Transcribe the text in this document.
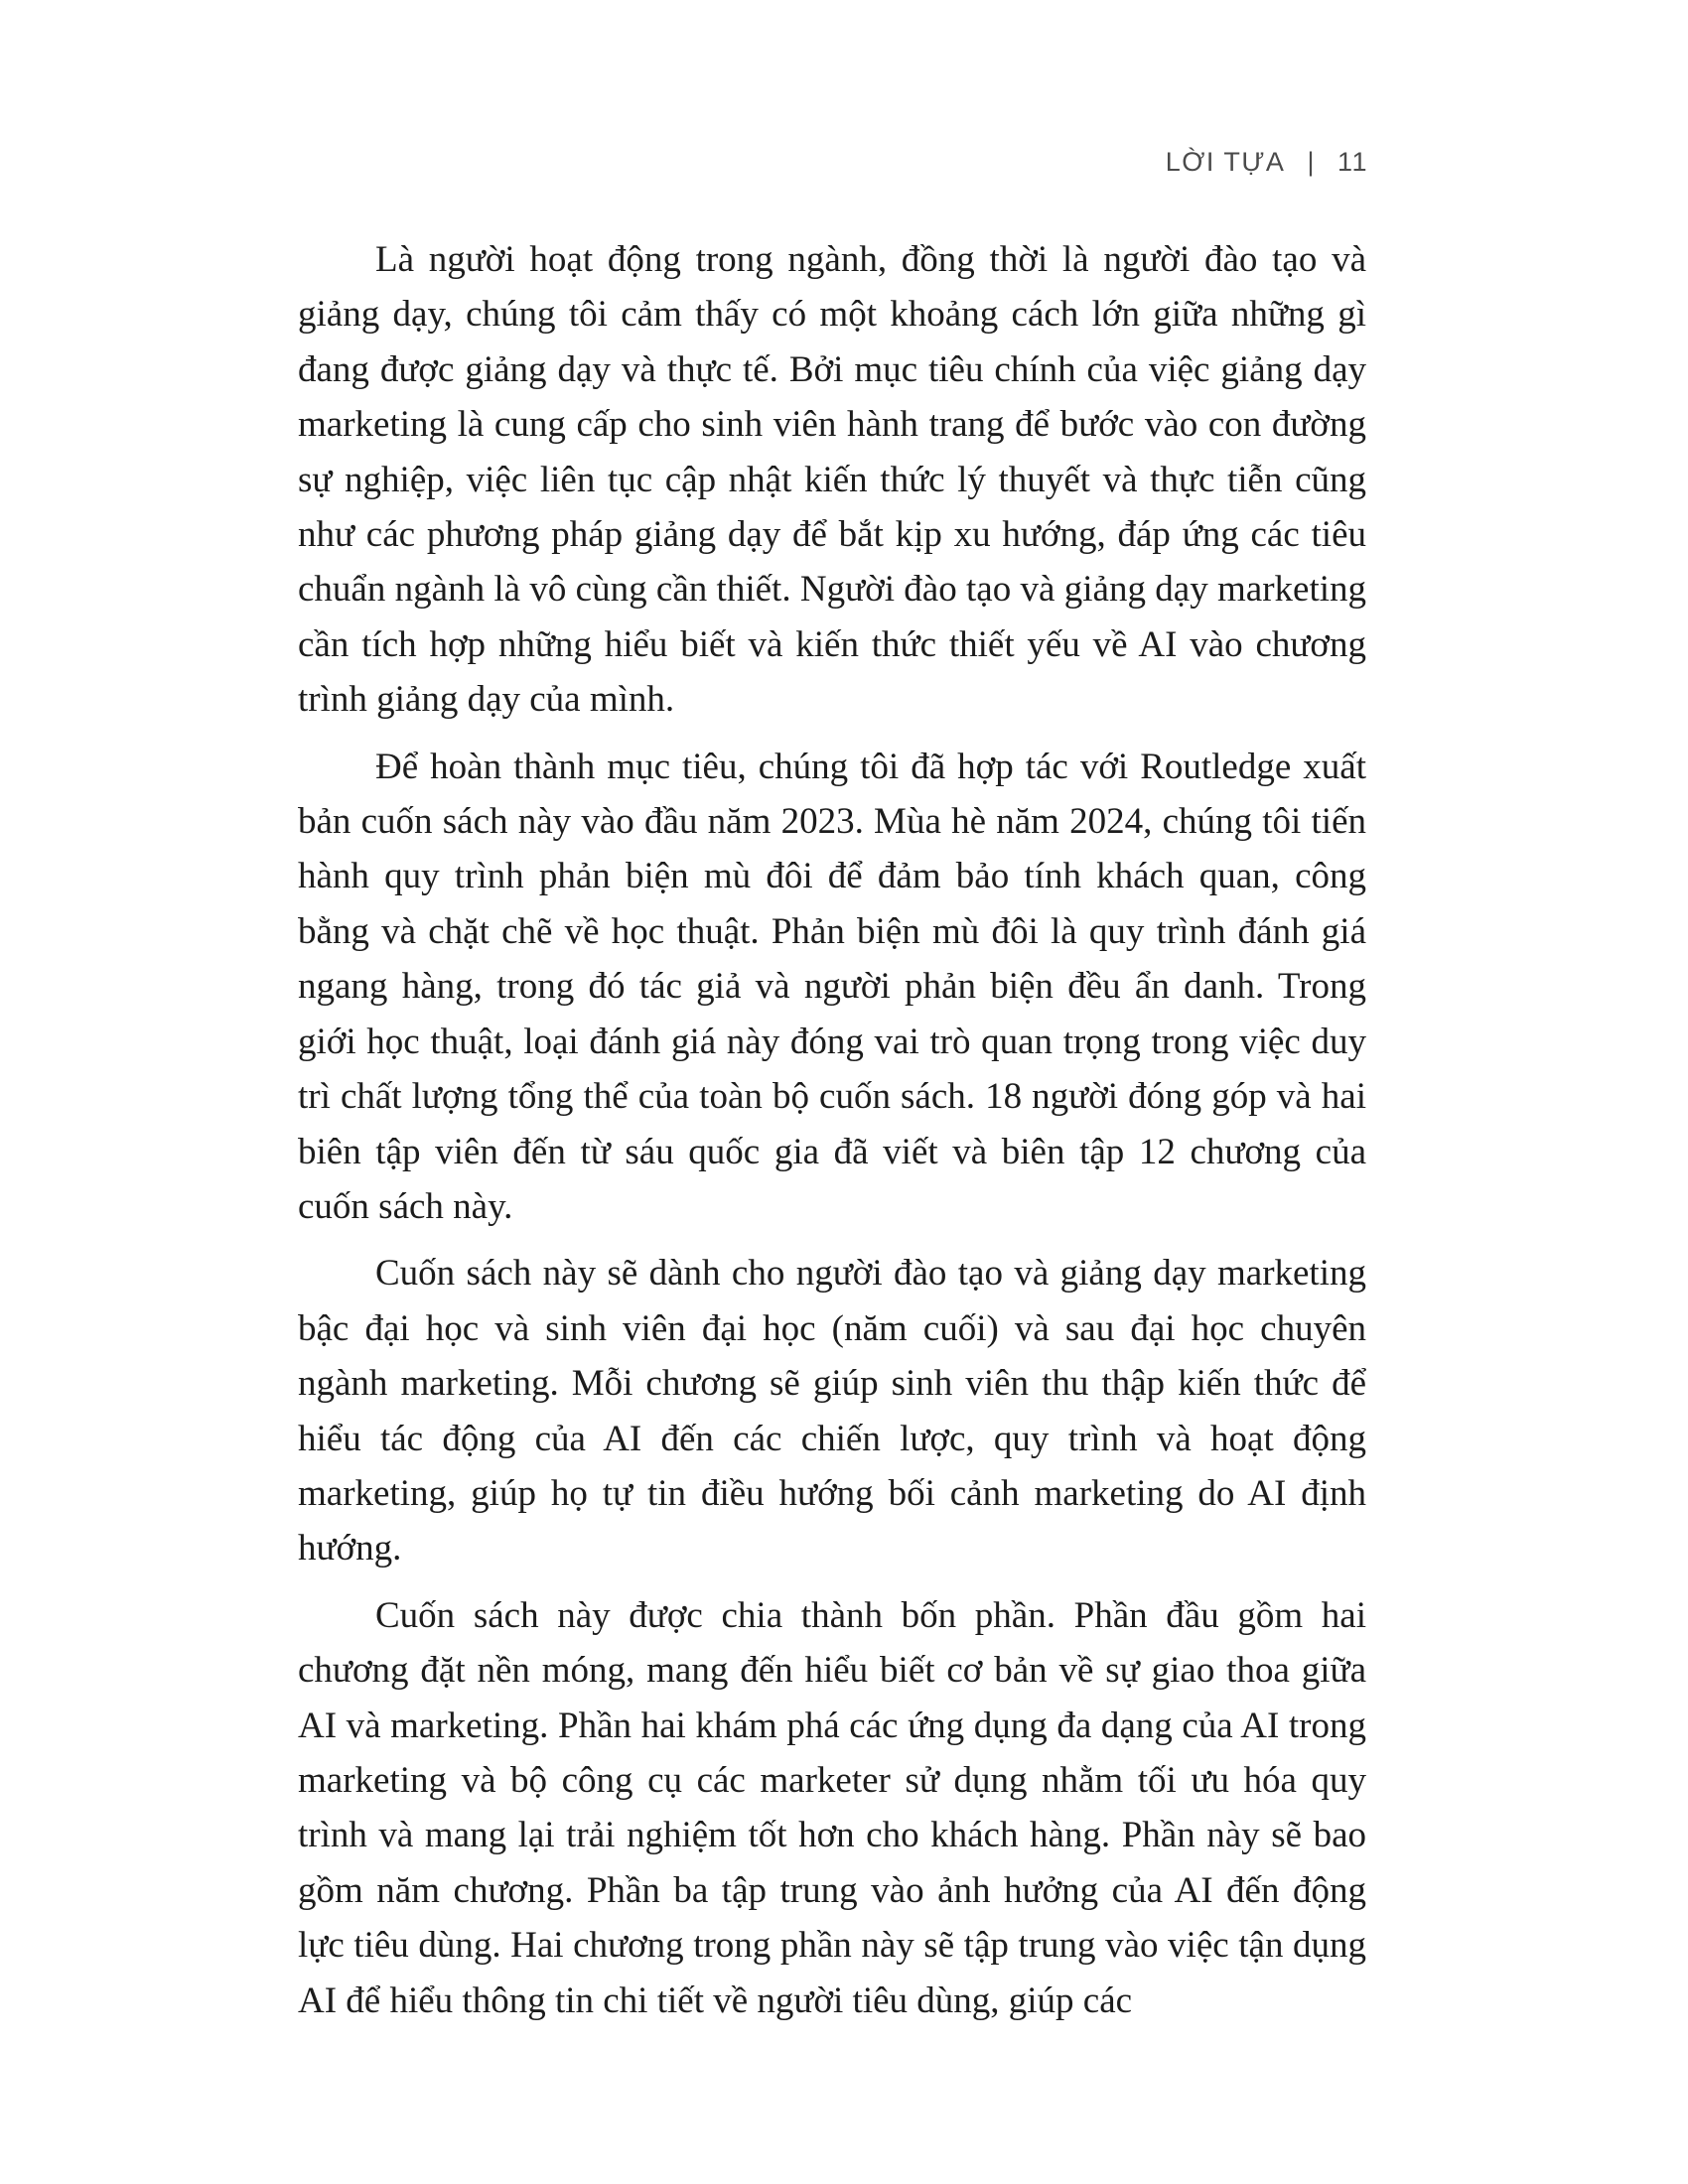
LỜI TỰA | 11

Là người hoạt động trong ngành, đồng thời là người đào tạo và giảng dạy, chúng tôi cảm thấy có một khoảng cách lớn giữa những gì đang được giảng dạy và thực tế. Bởi mục tiêu chính của việc giảng dạy marketing là cung cấp cho sinh viên hành trang để bước vào con đường sự nghiệp, việc liên tục cập nhật kiến thức lý thuyết và thực tiễn cũng như các phương pháp giảng dạy để bắt kịp xu hướng, đáp ứng các tiêu chuẩn ngành là vô cùng cần thiết. Người đào tạo và giảng dạy marketing cần tích hợp những hiểu biết và kiến thức thiết yếu về AI vào chương trình giảng dạy của mình.

Để hoàn thành mục tiêu, chúng tôi đã hợp tác với Routledge xuất bản cuốn sách này vào đầu năm 2023. Mùa hè năm 2024, chúng tôi tiến hành quy trình phản biện mù đôi để đảm bảo tính khách quan, công bằng và chặt chẽ về học thuật. Phản biện mù đôi là quy trình đánh giá ngang hàng, trong đó tác giả và người phản biện đều ẩn danh. Trong giới học thuật, loại đánh giá này đóng vai trò quan trọng trong việc duy trì chất lượng tổng thể của toàn bộ cuốn sách. 18 người đóng góp và hai biên tập viên đến từ sáu quốc gia đã viết và biên tập 12 chương của cuốn sách này.

Cuốn sách này sẽ dành cho người đào tạo và giảng dạy marketing bậc đại học và sinh viên đại học (năm cuối) và sau đại học chuyên ngành marketing. Mỗi chương sẽ giúp sinh viên thu thập kiến thức để hiểu tác động của AI đến các chiến lược, quy trình và hoạt động marketing, giúp họ tự tin điều hướng bối cảnh marketing do AI định hướng.

Cuốn sách này được chia thành bốn phần. Phần đầu gồm hai chương đặt nền móng, mang đến hiểu biết cơ bản về sự giao thoa giữa AI và marketing. Phần hai khám phá các ứng dụng đa dạng của AI trong marketing và bộ công cụ các marketer sử dụng nhằm tối ưu hóa quy trình và mang lại trải nghiệm tốt hơn cho khách hàng. Phần này sẽ bao gồm năm chương. Phần ba tập trung vào ảnh hưởng của AI đến động lực tiêu dùng. Hai chương trong phần này sẽ tập trung vào việc tận dụng AI để hiểu thông tin chi tiết về người tiêu dùng, giúp các
